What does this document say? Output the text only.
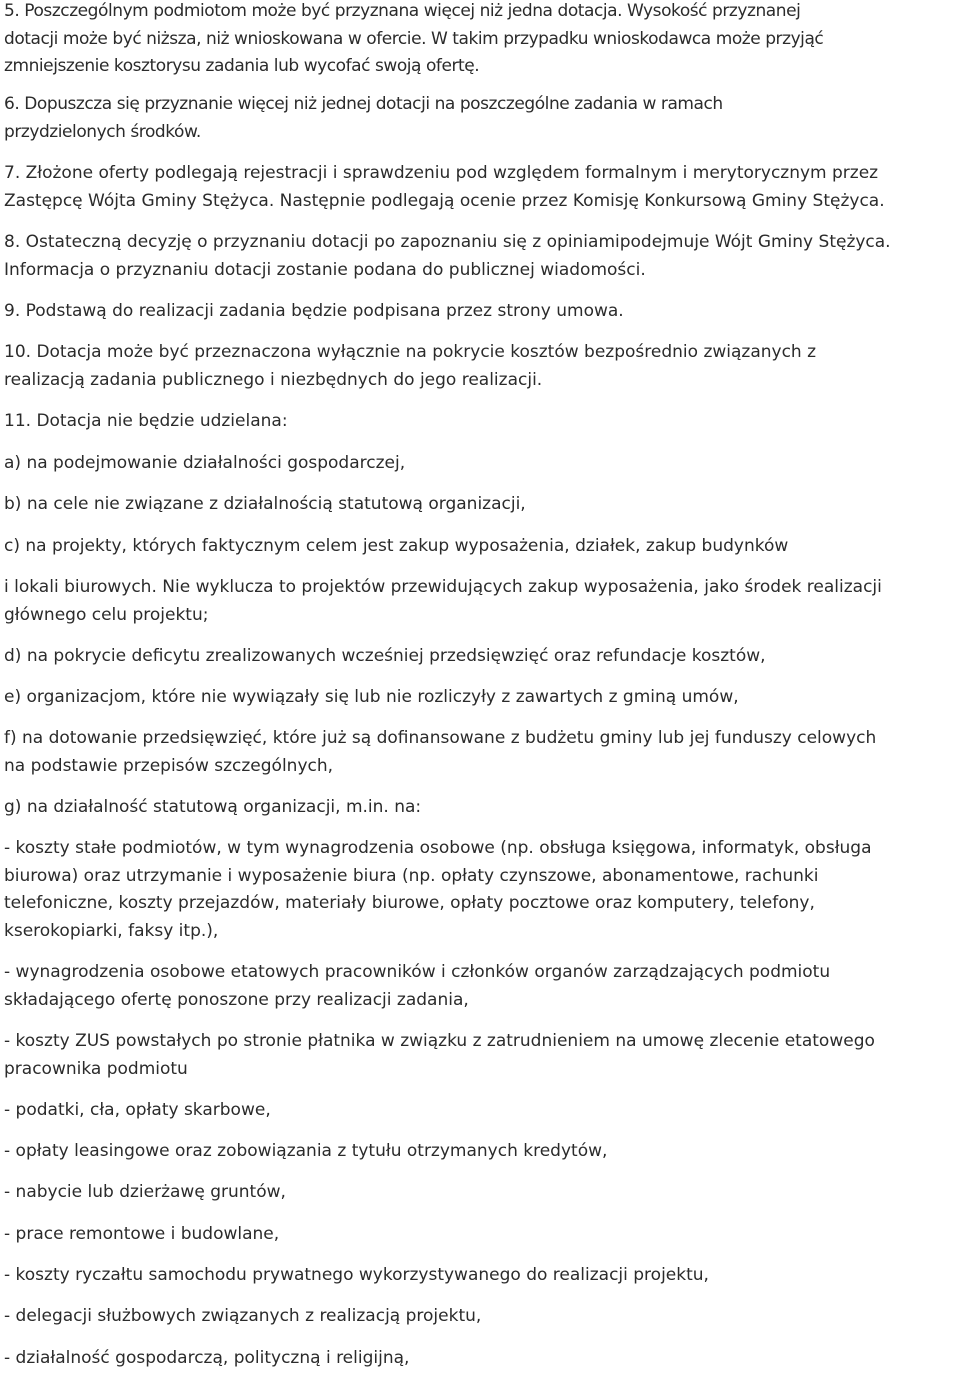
5. Poszczególnym podmiotom może być przyznana więcej niż jedna dotacja. Wysokość przyznanej
dotacji może być niższa, niż wnioskowana w ofercie. W takim przypadku wnioskodawca może przyjąć
zmniejszenie kosztorysu zadania lub wycofać swoją ofertę.
6. Dopuszcza się przyznanie więcej niż jednej dotacji na poszczególne zadania w ramach
przydzielonych środków.
7. Złożone oferty podlegają rejestracji i sprawdzeniu pod względem formalnym i merytorycznym przez
Zastępcę Wójta Gminy Stężyca. Następnie podlegają ocenie przez Komisję Konkursową Gminy Stężyca.
8. Ostateczną decyzję o przyznaniu dotacji po zapoznaniu się z opiniamipodejmuje Wójt Gminy Stężyca.
Informacja o przyznaniu dotacji zostanie podana do publicznej wiadomości.
9. Podstawą do realizacji zadania będzie podpisana przez strony umowa.
10. Dotacja może być przeznaczona wyłącznie na pokrycie kosztów bezpośrednio związanych z
realizacją zadania publicznego i niezbędnych do jego realizacji.
11. Dotacja nie będzie udzielana:
a) na podejmowanie działalności gospodarczej,
b) na cele nie związane z działalnością statutową organizacji,
c) na projekty, których faktycznym celem jest zakup wyposażenia, działek, zakup budynków
i lokali biurowych. Nie wyklucza to projektów przewidujących zakup wyposażenia, jako środek realizacji
głównego celu projektu;
d) na pokrycie deficytu zrealizowanych wcześniej przedsięwzięć oraz refundacje kosztów,
e) organizacjom, które nie wywiązały się lub nie rozliczyły z zawartych z gminą umów,
f) na dotowanie przedsięwzięć, które już są dofinansowane z budżetu gminy lub jej funduszy celowych
na podstawie przepisów szczególnych,
g) na działalność statutową organizacji, m.in. na:
- koszty stałe podmiotów, w tym wynagrodzenia osobowe (np. obsługa księgowa, informatyk, obsługa
biurowa) oraz utrzymanie i wyposażenie biura (np. opłaty czynszowe, abonamentowe, rachunki
telefoniczne, koszty przejazdów, materiały biurowe, opłaty pocztowe oraz komputery, telefony,
kserokopiarki, faksy itp.),
- wynagrodzenia osobowe etatowych pracowników i członków organów zarządzających podmiotu
składającego ofertę ponoszone przy realizacji zadania,
- koszty ZUS powstałych po stronie płatnika w związku z zatrudnieniem na umowę zlecenie etatowego
pracownika podmiotu
- podatki, cła, opłaty skarbowe,
- opłaty leasingowe oraz zobowiązania z tytułu otrzymanych kredytów,
- nabycie lub dzierżawę gruntów,
- prace remontowe i budowlane,
- koszty ryczałtu samochodu prywatnego wykorzystywanego do realizacji projektu,
- delegacji służbowych związanych z realizacją projektu,
- działalność gospodarczą, polityczną i religijną,
